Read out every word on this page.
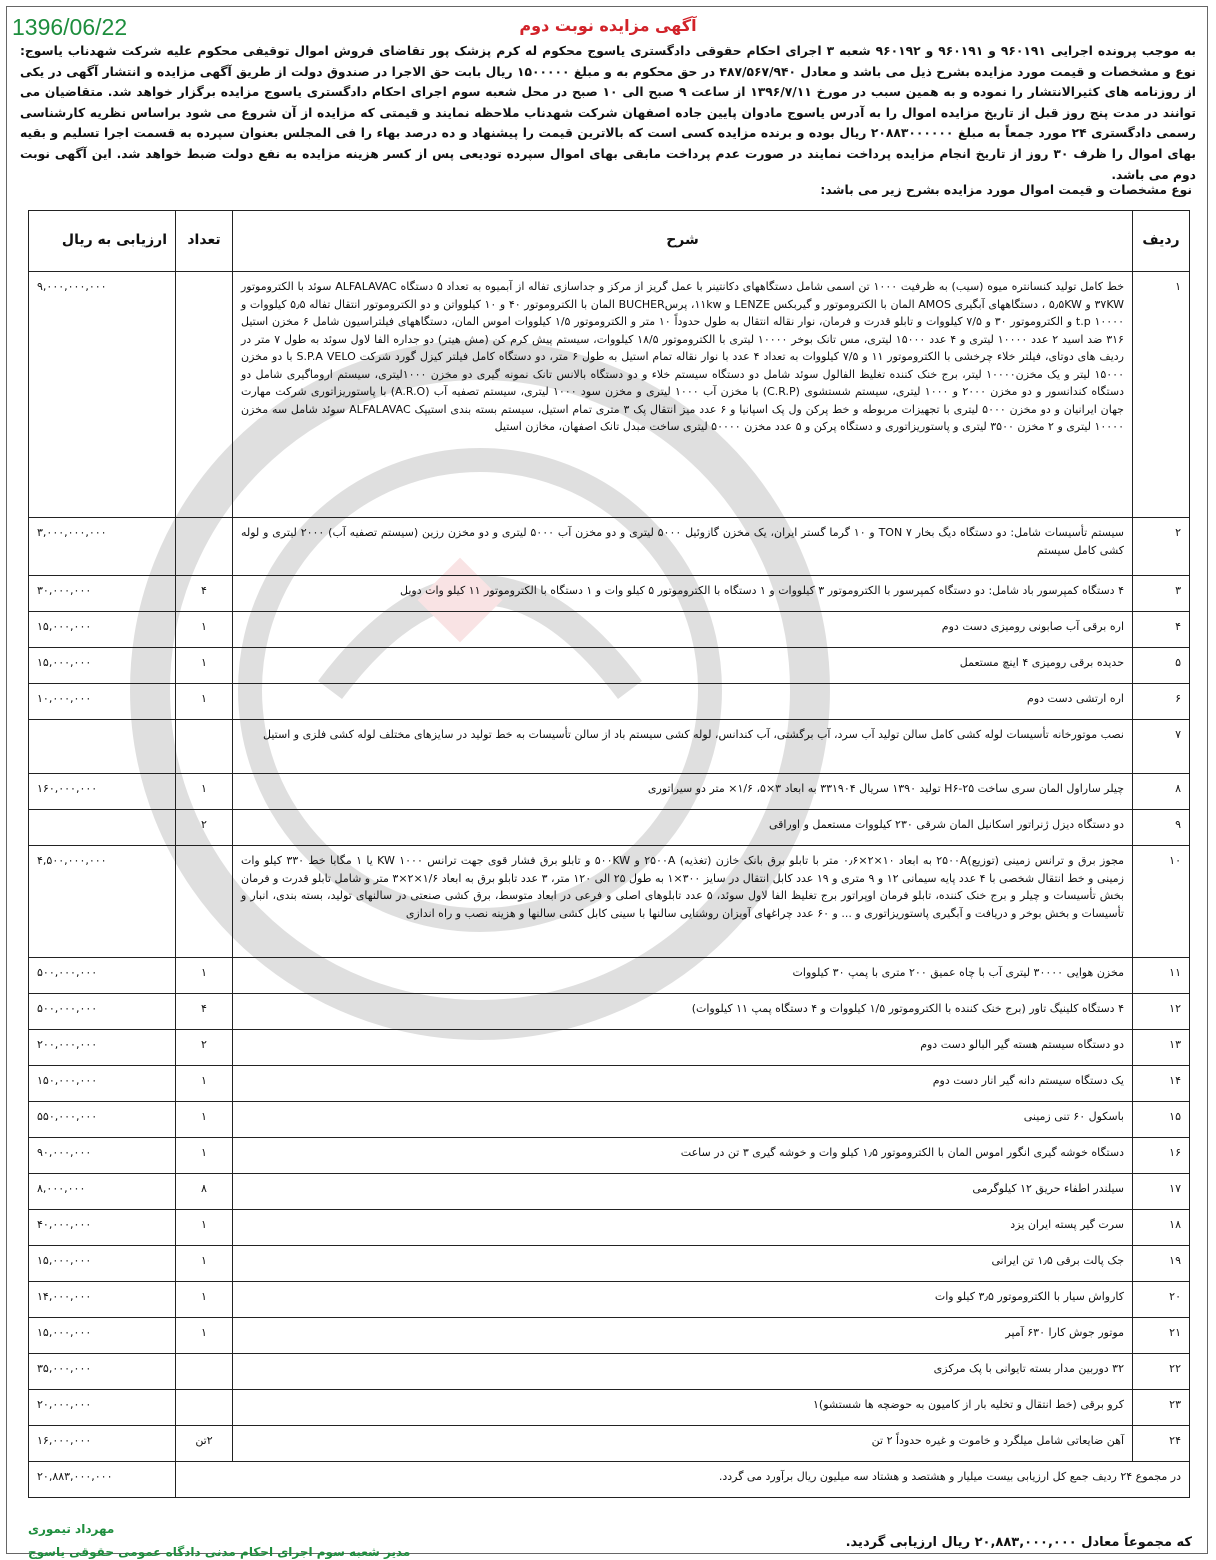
1396/06/22	آگهی مزایده نوبت دوم
به موجب پرونده اجرایی ۹۶۰۱۹۱ و ۹۶۰۱۹۱ و ۹۶۰۱۹۲ شعبه ۳ اجرای احکام حقوقی دادگستری یاسوج محکوم له کرم پزشک پور تقاضای فروش اموال توقیفی محکوم علیه شرکت شهدناب یاسوج: نوع و مشخصات و قیمت مورد مزایده بشرح ذیل می باشد و معادل ۴۸۷/۵۶۷/۹۴۰ در حق محکوم به و مبلغ ۱۵۰۰۰۰۰ ریال بابت حق الاجرا در صندوق دولت از طریق آگهی مزایده و انتشار آگهی در یکی از روزنامه های کثیرالانتشار را نموده و به همین سبب در مورخ ۱۳۹۶/۷/۱۱ از ساعت ۹ صبح الی ۱۰ صبح در محل شعبه سوم اجرای احکام دادگستری یاسوج مزایده برگزار خواهد شد. متقاضیان می توانند در مدت پنج روز قبل از تاریخ مزایده اموال را به آدرس یاسوج مادوان پایین جاده اصفهان شرکت شهدناب ملاحظه نمایند و قیمتی که مزایده از آن شروع می شود براساس نظریه کارشناسی رسمی دادگستری ۲۴ مورد جمعاً به مبلغ ۲۰۸۸۳۰۰۰۰۰۰ ریال بوده و برنده مزایده کسی است که بالاترین قیمت را پیشنهاد و ده درصد بهاء را فی المجلس بعنوان سپرده به قسمت اجرا تسلیم و بقیه بهای اموال را ظرف ۳۰ روز از تاریخ انجام مزایده پرداخت نمایند در صورت عدم پرداخت مابقی بهای اموال سپرده تودیعی پس از کسر هزینه مزایده به نفع دولت ضبط خواهد شد. این آگهی نوبت دوم می باشد.
نوع مشخصات و قیمت اموال مورد مزایده بشرح زیر می باشد:
ردیف	شرح	تعداد	ارزیابی به ریال
۱	خط کامل تولید کنسانتره میوه (سیب) به ظرفیت ۱۰۰۰ تن اسمی شامل دستگاههای دکانتینر با عمل گریز از مرکز و جداسازی تفاله از آبمیوه به تعداد ۵ دستگاه ALFALAVAC سوئد با الکتروموتور ۳۷KW و ۵٫۵KW ، دستگاههای آبگیری AMOS المان با الکتروموتور و گیربکس LENZE و ۱۱kw، پرسBUCHER المان با الکتروموتور ۴۰ و ۱۰ کیلوواتن و دو الکتروموتور انتقال تفاله ۵٫۵ کیلووات و t.p ۱۰۰۰۰ و الکتروموتور ۳۰ و ۷/۵ کیلووات و تابلو قدرت و فرمان، نوار نقاله انتقال به طول حدوداً ۱۰ متر و الکتروموتور ۱/۵ کیلووات اموس المان، دستگاههای فیلتراسیون شامل ۶ مخزن استیل ۳۱۶ ضد اسید ۲ عدد ۱۰۰۰۰ لیتری و ۴ عدد ۱۵۰۰۰ لیتری، مس تانک بوخر ۱۰۰۰۰ لیتری با الکتروموتور ۱۸/۵ کیلووات، سیستم پیش کرم کن (مش هیتر) دو جداره الفا لاول سوئد به طول ۷ متر در ردیف های دوتای، فیلتر خلاء چرخشی با الکتروموتور ۱۱ و ۷/۵ کیلووات به تعداد ۴ عدد با نوار نقاله تمام استیل به طول ۶ متر، دو دستگاه کامل فیلتر کیزل گورد شرکت S.P.A VELO با دو مخزن ۱۵۰۰۰ لیتر و یک مخزن۱۰۰۰۰ لیتر، برج خنک کننده تغلیظ الفالول سوئد شامل دو دستگاه سیستم خلاء و دو دستگاه بالانس تانک نمونه گیری دو مخزن ۱۰۰۰لیتری، سیستم اروماگیری شامل دو دستگاه کندانسور و دو مخزن ۲۰۰۰ و ۱۰۰۰ لیتری، سیستم شستشوی (C.R.P) با مخزن آب ۱۰۰۰ لیتری و مخزن سود ۱۰۰۰ لیتری، سیستم تصفیه آب (A.R.O) با پاستوریزاتوری شرکت مهارت جهان ایرانیان و دو مخزن ۵۰۰۰ لیتری با تجهیزات مربوطه و خط پرکن ول پک اسپانیا و ۶ عدد میز انتقال پک ۳ متری تمام استیل، سیستم بسته بندی استیپک ALFALAVAC سوئد شامل سه مخزن ۱۰۰۰۰ لیتری و ۲ مخزن ۳۵۰۰ لیتری و پاستوریزاتوری و دستگاه پرکن و ۵ عدد مخزن ۵۰۰۰۰ لیتری ساخت مبدل تانک اصفهان، مخازن استیل		۹,۰۰۰,۰۰۰,۰۰۰
۲	سیستم تأسیسات شامل: دو دستگاه دیگ بخار TON ۷ و ۱۰ گرما گستر ایران، یک مخزن گازوئیل ۵۰۰۰ لیتری و دو مخزن آب ۵۰۰۰ لیتری و دو مخزن رزین (سیستم تصفیه آب) ۲۰۰۰ لیتری و لوله کشی کامل سیستم		۳,۰۰۰,۰۰۰,۰۰۰
۳	۴ دستگاه کمپرسور باد شامل: دو دستگاه کمپرسور با الکتروموتور ۳ کیلووات و ۱ دستگاه با الکتروموتور ۵ کیلو وات و ۱ دستگاه با الکتروموتور ۱۱ کیلو وات دوبل	۴	۳۰,۰۰۰,۰۰۰
۴	اره برقی آب صابونی رومیزی دست دوم	۱	۱۵,۰۰۰,۰۰۰
۵	حدیده برقی رومیزی ۴ اینچ مستعمل	۱	۱۵,۰۰۰,۰۰۰
۶	اره ارتشی دست دوم	۱	۱۰,۰۰۰,۰۰۰
۷	نصب موتورخانه تأسیسات لوله کشی کامل سالن تولید آب سرد، آب برگشتی، آب کندانس، لوله کشی سیستم باد از سالن تأسیسات به خط تولید در سایزهای مختلف لوله کشی فلزی و استیل		
۸	چیلر ساراول المان سری ساخت ۲۵-H۶ تولید ۱۳۹۰ سریال ۳۳۱۹۰۴ به ابعاد ۳×۵، ۱/۶× متر دو سیراتوری	۱	۱۶۰,۰۰۰,۰۰۰
۹	دو دستگاه دیزل ژنراتور اسکانیل المان شرقی ۲۳۰ کیلووات مستعمل و اوراقی	۲	
۱۰	مجوز برق و ترانس زمینی (توزیع)۲۵۰۰A به ابعاد ۱۰×۲×۰٫۶ متر با تابلو برق بانک خازن (تغذیه) ۲۵۰۰A و ۵۰۰KW و تابلو برق فشار قوی جهت ترانس ۱۰۰۰ KW یا ۱ مگابا خط ۳۳۰ کیلو وات زمینی و خط انتقال شخصی با ۴ عدد پایه سیمانی ۱۲ و ۹ متری و ۱۹ عدد کابل انتقال در سایز ۳۰۰×۱ به طول ۲۵ الی ۱۲۰ متر، ۳ عدد تابلو برق به ابعاد ۱/۶×۲×۳ متر و شامل تابلو قدرت و فرمان بخش تأسیسات و چیلر و برج خنک کننده، تابلو فرمان اوپراتور برج تغلیظ الفا لاول سوئد، ۵ عدد تابلوهای اصلی و فرعی در ابعاد متوسط، برق کشی صنعتی در سالنهای تولید، بسته بندی، انبار و تأسیسات و بخش بوخر و دریافت و آبگیری پاستوریزاتوری و ... و ۶۰ عدد چراغهای آویزان روشنایی سالنها با سینی کابل کشی سالنها و هزینه نصب و راه اندازی		۴,۵۰۰,۰۰۰,۰۰۰
۱۱	مخزن هوایی ۳۰۰۰۰ لیتری آب با چاه عمیق ۲۰۰ متری با پمپ ۳۰ کیلووات	۱	۵۰۰,۰۰۰,۰۰۰
۱۲	۴ دستگاه کلینیگ تاور (برج خنک کننده با الکتروموتور ۱/۵ کیلووات و ۴ دستگاه پمپ ۱۱ کیلووات)	۴	۵۰۰,۰۰۰,۰۰۰
۱۳	دو دستگاه سیستم هسته گیر البالو دست دوم	۲	۲۰۰,۰۰۰,۰۰۰
۱۴	یک دستگاه سیستم دانه گیر انار دست دوم	۱	۱۵۰,۰۰۰,۰۰۰
۱۵	باسکول ۶۰ تنی زمینی	۱	۵۵۰,۰۰۰,۰۰۰
۱۶	دستگاه خوشه گیری انگور اموس المان با الکتروموتور ۱٫۵ کیلو وات و خوشه گیری ۳ تن در ساعت	۱	۹۰,۰۰۰,۰۰۰
۱۷	سیلندر اطفاء حریق ۱۲ کیلوگرمی	۸	۸,۰۰۰,۰۰۰
۱۸	سرت گیر پسته ایران یزد	۱	۴۰,۰۰۰,۰۰۰
۱۹	جک پالت برقی ۱٫۵ تن ایرانی	۱	۱۵,۰۰۰,۰۰۰
۲۰	کارواش سیار با الکتروموتور ۳٫۵ کیلو وات	۱	۱۴,۰۰۰,۰۰۰
۲۱	موتور جوش کارا ۶۳۰ آمپر	۱	۱۵,۰۰۰,۰۰۰
۲۲	۳۲ دوربین مدار بسته تایوانی با پک مرکزی		۳۵,۰۰۰,۰۰۰
۲۳	کرو برقی (خط انتقال و تخلیه بار از کامیون به حوضچه ها شستشو)۱		۲۰,۰۰۰,۰۰۰
۲۴	آهن ضایعاتی شامل میلگرد و خاموت و غیره حدوداً ۲ تن	۲تن	۱۶,۰۰۰,۰۰۰
در مجموع ۲۴ ردیف جمع کل ارزیابی بیست میلیار و هشتصد و هشتاد سه میلیون ریال برآورد می گردد.			۲۰,۸۸۳,۰۰۰,۰۰۰
که مجموعاً معادل ۲۰,۸۸۳,۰۰۰,۰۰۰ ریال ارزیابی گردید.
مهرداد تیموری
مدیر شعبه سوم اجرای احکام مدنی دادگاه عمومی حقوقی یاسوج
